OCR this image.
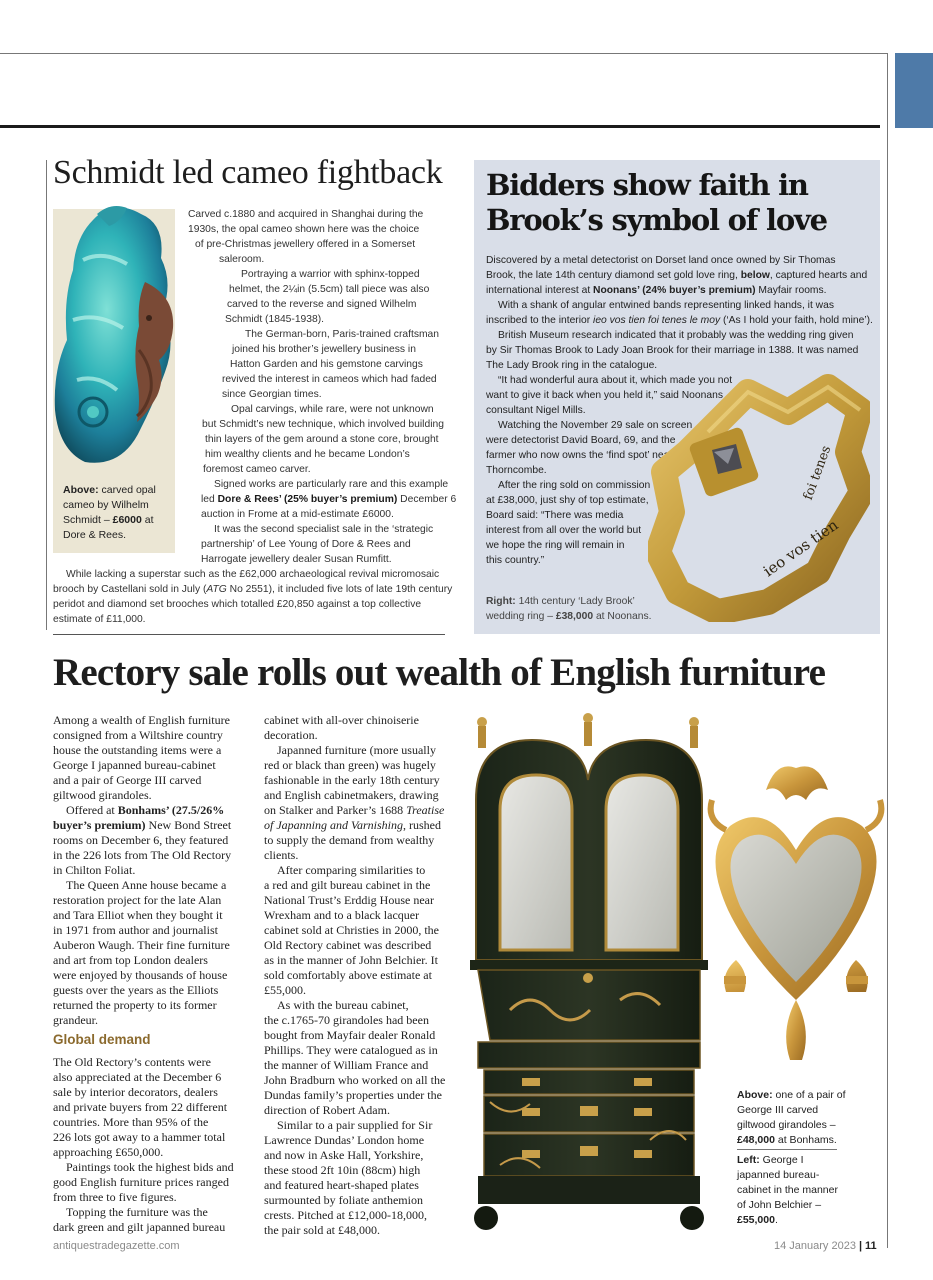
Schmidt led cameo fightback
Above: carved opal cameo by Wilhelm Schmidt – £6000 at Dore & Rees.
Carved c.1880 and acquired in Shanghai during the
1930s, the opal cameo shown here was the choice
of pre-Christmas jewellery offered in a Somerset
saleroom.
Portraying a warrior with sphinx-topped
helmet, the 2¼in (5.5cm) tall piece was also
carved to the reverse and signed Wilhelm
Schmidt (1845-1938).
The German-born, Paris-trained craftsman
joined his brother’s jewellery business in
Hatton Garden and his gemstone carvings
revived the interest in cameos which had faded
since Georgian times.
Opal carvings, while rare, were not unknown
but Schmidt’s new technique, which involved building
thin layers of the gem around a stone core, brought
him wealthy clients and he became London’s
foremost cameo carver.
Signed works are particularly rare and this example
led Dore & Rees’ (25% buyer’s premium) December 6
auction in Frome at a mid-estimate £6000.
It was the second specialist sale in the ‘strategic
partnership’ of Lee Young of Dore & Rees and
Harrogate jewellery dealer Susan Rumfitt.
While lacking a superstar such as the £62,000 archaeological revival micromosaic
brooch by Castellani sold in July (ATG No 2551), it included five lots of late 19th century
peridot and diamond set brooches which totalled £20,850 against a top collective
estimate of £11,000.
Bidders show faith in Brook’s symbol of love
Discovered by a metal detectorist on Dorset land once owned by Sir Thomas
Brook, the late 14th century diamond set gold love ring, below, captured hearts and
international interest at Noonans’ (24% buyer’s premium) Mayfair rooms.
With a shank of angular entwined bands representing linked hands, it was
inscribed to the interior ieo vos tien foi tenes le moy (‘As I hold your faith, hold mine’).
British Museum research indicated that it probably was the wedding ring given
by Sir Thomas Brook to Lady Joan Brook for their marriage in 1388. It was named
The Lady Brook ring in the catalogue.
“It had wonderful aura about it, which made you not
want to give it back when you held it,” said Noonans
consultant Nigel Mills.
Watching the November 29 sale on screen
were detectorist David Board, 69, and the
farmer who now owns the ‘find spot’ near
Thorncombe.
After the ring sold on commission
at £38,000, just shy of top estimate,
Board said: “There was media
interest from all over the world but
we hope the ring will remain in
this country.”
Right: 14th century ‘Lady Brook’
wedding ring – £38,000 at Noonans.
ieo vos tien
foi tenes
Rectory sale rolls out wealth of English furniture
Among a wealth of English furniture
consigned from a Wiltshire country
house the outstanding items were a
George I japanned bureau-cabinet
and a pair of George III carved
giltwood girandoles.
Offered at Bonhams’ (27.5/26%
buyer’s premium) New Bond Street
rooms on December 6, they featured
in the 226 lots from The Old Rectory
in Chilton Foliat.
The Queen Anne house became a
restoration project for the late Alan
and Tara Elliot when they bought it
in 1971 from author and journalist
Auberon Waugh. Their fine furniture
and art from top London dealers
were enjoyed by thousands of house
guests over the years as the Elliots
returned the property to its former
grandeur.
Global demand
The Old Rectory’s contents were
also appreciated at the December 6
sale by interior decorators, dealers
and private buyers from 22 different
countries. More than 95% of the
226 lots got away to a hammer total
approaching £650,000.
Paintings took the highest bids and
good English furniture prices ranged
from three to five figures.
Topping the furniture was the
dark green and gilt japanned bureau
cabinet with all-over chinoiserie
decoration.
Japanned furniture (more usually
red or black than green) was hugely
fashionable in the early 18th century
and English cabinetmakers, drawing
on Stalker and Parker’s 1688 Treatise
of Japanning and Varnishing, rushed
to supply the demand from wealthy
clients.
After comparing similarities to
a red and gilt bureau cabinet in the
National Trust’s Erddig House near
Wrexham and to a black lacquer
cabinet sold at Christies in 2000, the
Old Rectory cabinet was described
as in the manner of John Belchier. It
sold comfortably above estimate at
£55,000.
As with the bureau cabinet,
the c.1765-70 girandoles had been
bought from Mayfair dealer Ronald
Phillips. They were catalogued as in
the manner of William France and
John Bradburn who worked on all the
Dundas family’s properties under the
direction of Robert Adam.
Similar to a pair supplied for Sir
Lawrence Dundas’ London home
and now in Aske Hall, Yorkshire,
these stood 2ft 10in (88cm) high
and featured heart-shaped plates
surmounted by foliate anthemion
crests. Pitched at £12,000-18,000,
the pair sold at £48,000.
Above: one of a pair of George III carved giltwood girandoles – £48,000 at Bonhams.
Left: George I japanned bureau-cabinet in the manner of John Belchier – £55,000.
antiquestradegazette.com	14 January 2023 | 11
